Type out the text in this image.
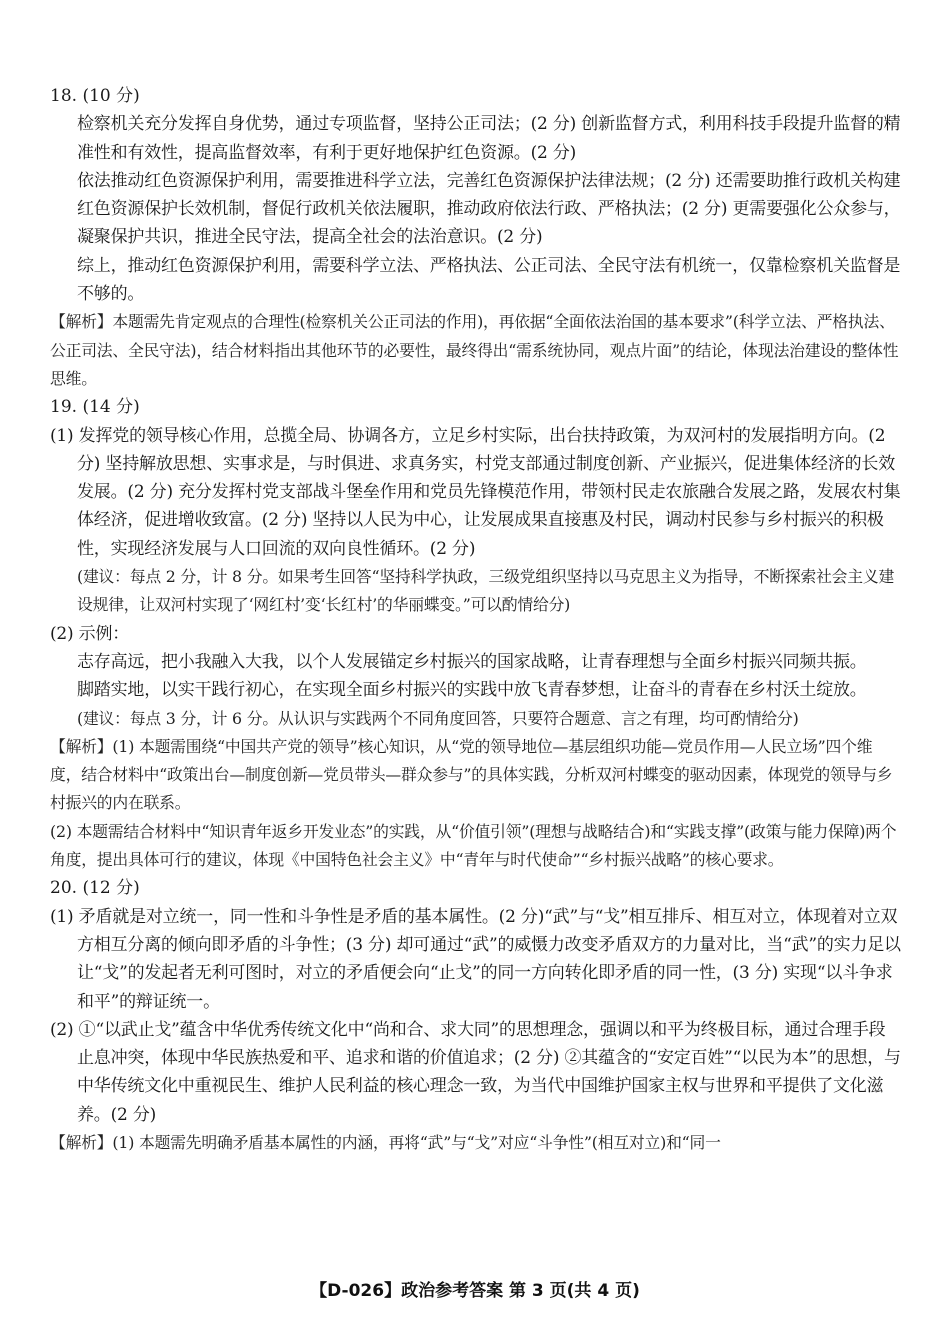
18. (10 分)

检察机关充分发挥自身优势，通过专项监督，坚持公正司法；(2 分) 创新监督方式，利用科技手段提升监督的精准性和有效性，提高监督效率，有利于更好地保护红色资源。(2 分)

依法推动红色资源保护利用，需要推进科学立法，完善红色资源保护法律法规；(2 分) 还需要助推行政机关构建红色资源保护长效机制，督促行政机关依法履职，推动政府依法行政、严格执法；(2 分) 更需要强化公众参与，凝聚保护共识，推进全民守法，提高全社会的法治意识。(2 分)

综上，推动红色资源保护利用，需要科学立法、严格执法、公正司法、全民守法有机统一，仅靠检察机关监督是不够的。

【解析】本题需先肯定观点的合理性(检察机关公正司法的作用)，再依据“全面依法治国的基本要求”(科学立法、严格执法、公正司法、全民守法)，结合材料指出其他环节的必要性，最终得出“需系统协同，观点片面”的结论，体现法治建设的整体性思维。

19. (14 分)

(1) 发挥党的领导核心作用，总揽全局、协调各方，立足乡村实际，出台扶持政策，为双河村的发展指明方向。(2 分) 坚持解放思想、实事求是，与时俱进、求真务实，村党支部通过制度创新、产业振兴，促进集体经济的长效发展。(2 分) 充分发挥村党支部战斗堡垒作用和党员先锋模范作用，带领村民走农旅融合发展之路，发展农村集体经济，促进增收致富。(2 分) 坚持以人民为中心，让发展成果直接惠及村民，调动村民参与乡村振兴的积极性，实现经济发展与人口回流的双向良性循环。(2 分)

(建议：每点 2 分，计 8 分。如果考生回答“坚持科学执政，三级党组织坚持以马克思主义为指导，不断探索社会主义建设规律，让双河村实现了‘网红村’变‘长红村’的华丽蝶变。”可以酌情给分)

(2) 示例：

志存高远，把小我融入大我，以个人发展锚定乡村振兴的国家战略，让青春理想与全面乡村振兴同频共振。

脚踏实地，以实干践行初心，在实现全面乡村振兴的实践中放飞青春梦想，让奋斗的青春在乡村沃土绽放。

(建议：每点 3 分，计 6 分。从认识与实践两个不同角度回答，只要符合题意、言之有理，均可酌情给分)

【解析】(1) 本题需围绕“中国共产党的领导”核心知识，从“党的领导地位—基层组织功能—党员作用—人民立场”四个维度，结合材料中“政策出台—制度创新—党员带头—群众参与”的具体实践，分析双河村蝶变的驱动因素，体现党的领导与乡村振兴的内在联系。

(2) 本题需结合材料中“知识青年返乡开发业态”的实践，从“价值引领”(理想与战略结合)和“实践支撑”(政策与能力保障)两个角度，提出具体可行的建议，体现《中国特色社会主义》中“青年与时代使命”“乡村振兴战略”的核心要求。

20. (12 分)

(1) 矛盾就是对立统一，同一性和斗争性是矛盾的基本属性。(2 分)“武”与“戈”相互排斥、相互对立，体现着对立双方相互分离的倾向即矛盾的斗争性；(3 分) 却可通过“武”的威慑力改变矛盾双方的力量对比，当“武”的实力足以让“戈”的发起者无利可图时，对立的矛盾便会向“止戈”的同一方向转化即矛盾的同一性，(3 分) 实现“以斗争求和平”的辩证统一。

(2) ①“以武止戈”蕴含中华优秀传统文化中“尚和合、求大同”的思想理念，强调以和平为终极目标，通过合理手段止息冲突，体现中华民族热爱和平、追求和谐的价值追求；(2 分) ②其蕴含的“安定百姓”“以民为本”的思想，与中华传统文化中重视民生、维护人民利益的核心理念一致，为当代中国维护国家主权与世界和平提供了文化滋养。(2 分)

【解析】(1) 本题需先明确矛盾基本属性的内涵，再将“武”与“戈”对应“斗争性”(相互对立)和“同一

【D-026】政治参考答案 第 3 页(共 4 页)
